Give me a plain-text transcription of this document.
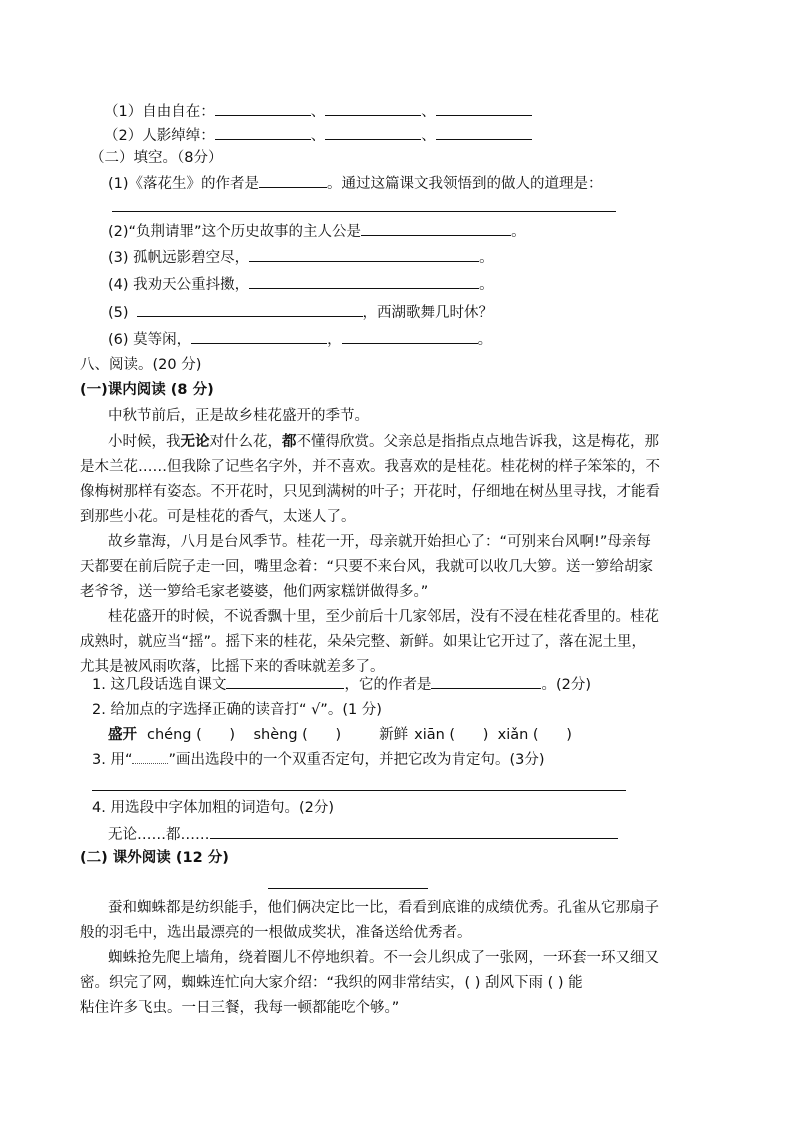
（1）自由自在：	、	、
（2）人影绰绰：	、	、
（二）填空。（8分）
(1)《落花生》的作者是	。通过这篇课文我领悟到的做人的道理是：
(2)“负荆请罪”这个历史故事的主人公是	。
(3) 孤帆远影碧空尽，	。
(4) 我劝天公重抖擞，	。
(5)	，西湖歌舞几时休？
(6) 莫等闲，	，	。
八、阅读。(20 分)
(一)课内阅读 (8 分)
中秋节前后，正是故乡桂花盛开的季节。
小时候，我无论对什么花，都不懂得欣赏。父亲总是指指点点地告诉我，这是梅花，那
是木兰花……但我除了记些名字外，并不喜欢。我喜欢的是桂花。桂花树的样子笨笨的，不
像梅树那样有姿态。不开花时，只见到满树的叶子；开花时，仔细地在树丛里寻找，才能看
到那些小花。可是桂花的香气，太迷人了。
故乡靠海，八月是台风季节。桂花一开，母亲就开始担心了：“可别来台风啊!”母亲每
天都要在前后院子走一回，嘴里念着：“只要不来台风，我就可以收几大箩。送一箩给胡家
老爷爷，送一箩给毛家老婆婆，他们两家糕饼做得多。”
桂花盛开的时候，不说香飘十里，至少前后十几家邻居，没有不浸在桂花香里的。桂花
成熟时，就应当“摇”。摇下来的桂花，朵朵完整、新鲜。如果让它开过了，落在泥土里，
尤其是被风雨吹落，比摇下来的香味就差多了。
1. 这几段话选自课文	，它的作者是	。(2分)
2. 给加点的字选择正确的读音打“ √”。(1 分)
盛开 chéng (      )    shèng (      )	新鲜 xiān (      )  xiǎn (      )
3. 用“ ”画出选段中的一个双重否定句，并把它改为肯定句。(3分)
4. 用选段中字体加粗的词造句。(2分)
无论……都……
(二) 课外阅读 (12 分)
蚕和蜘蛛都是纺织能手，他们俩决定比一比，看看到底谁的成绩优秀。孔雀从它那扇子
般的羽毛中，选出最漂亮的一根做成奖状，准备送给优秀者。
蜘蛛抢先爬上墙角，绕着圈儿不停地织着。不一会儿织成了一张网，一环套一环又细又
密。织完了网，蜘蛛连忙向大家介绍：“我织的网非常结实，( ) 刮风下雨 ( ) 能
粘住许多飞虫。一日三餐，我每一顿都能吃个够。”
